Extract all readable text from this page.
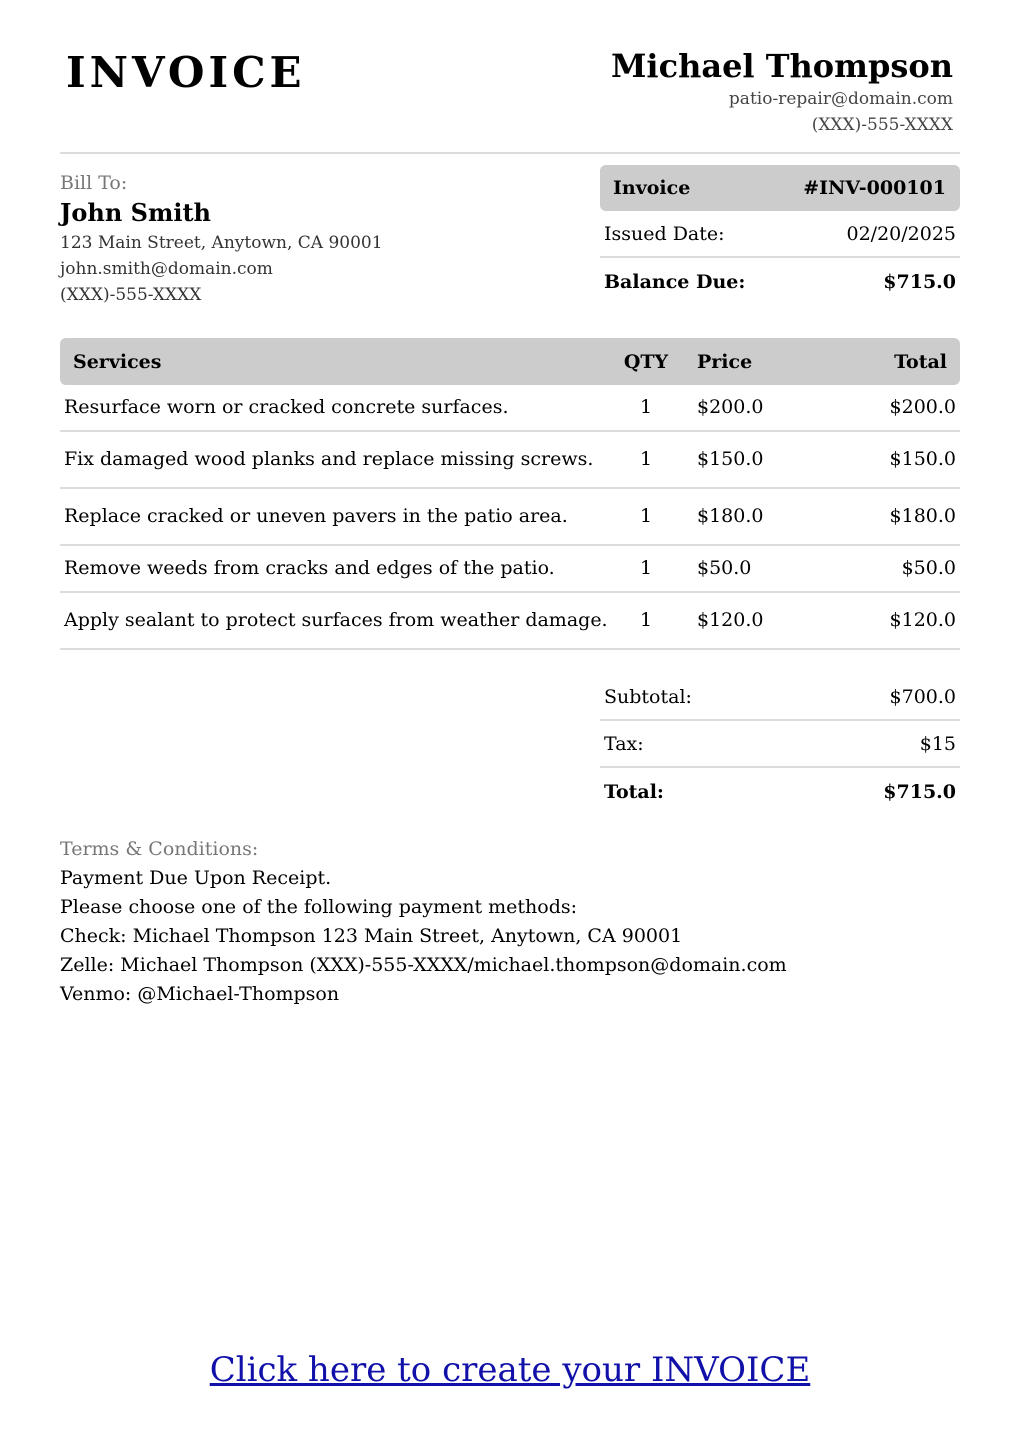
INVOICE	Michael Thompson
patio-repair@domain.com
(XXX)-555-XXXX
Bill To:
John Smith
123 Main Street, Anytown, CA 90001
john.smith@domain.com
(XXX)-555-XXXX
Invoice	#INV-000101
Issued Date:	02/20/2025
Balance Due:	$715.0
Services	QTY	Price	Total
Resurface worn or cracked concrete surfaces.	1	$200.0	$200.0
Fix damaged wood planks and replace missing screws.	1	$150.0	$150.0
Replace cracked or uneven pavers in the patio area.	1	$180.0	$180.0
Remove weeds from cracks and edges of the patio.	1	$50.0	$50.0
Apply sealant to protect surfaces from weather damage.	1	$120.0	$120.0
Subtotal:	$700.0
Tax:	$15
Total:	$715.0
Terms & Conditions:
Payment Due Upon Receipt.
Please choose one of the following payment methods:
Check: Michael Thompson 123 Main Street, Anytown, CA 90001
Zelle: Michael Thompson (XXX)-555-XXXX/michael.thompson@domain.com
Venmo: @Michael-Thompson
Click here to create your INVOICE
